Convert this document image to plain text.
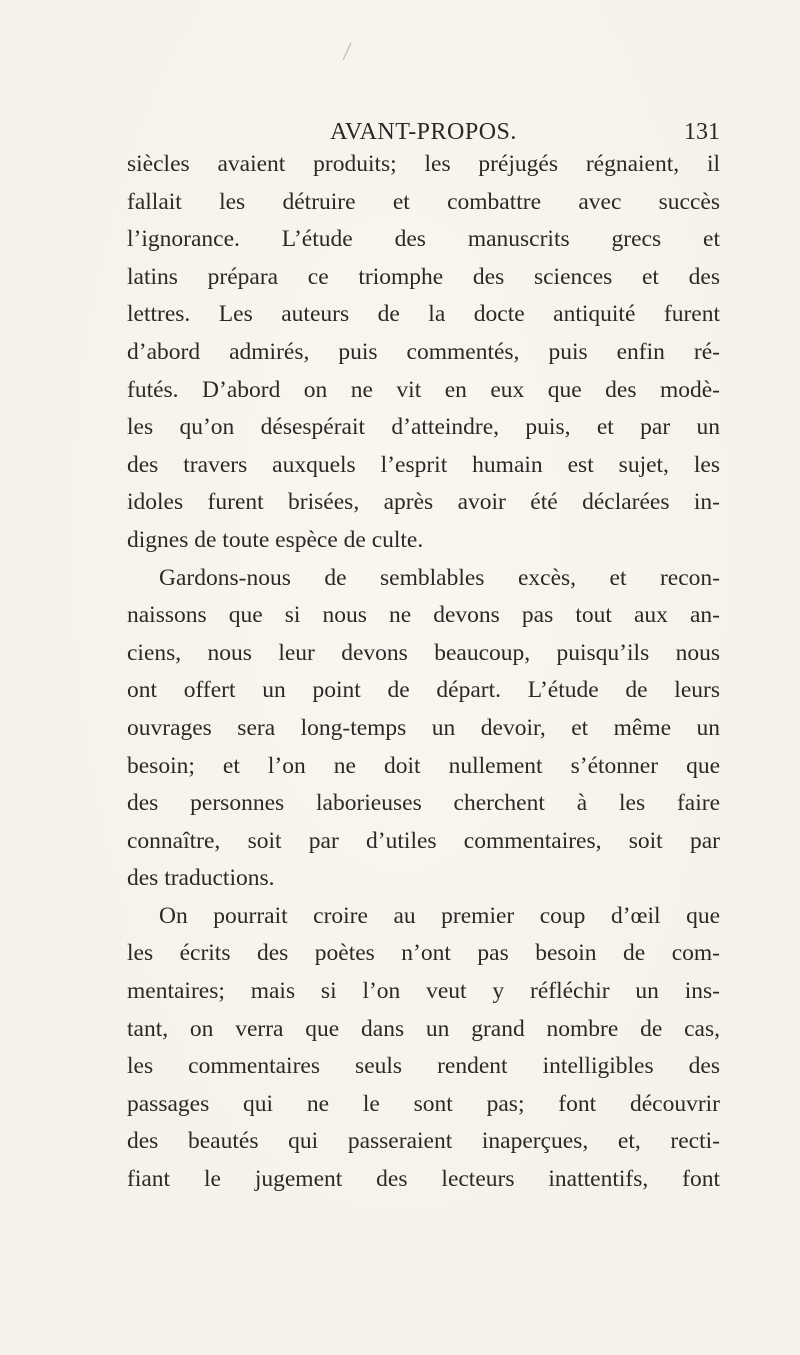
AVANT-PROPOS.	131
siècles avaient produits; les préjugés régnaient, il
fallait les détruire et combattre avec succès
l’ignorance. L’étude des manuscrits grecs et
latins prépara ce triomphe des sciences et des
lettres. Les auteurs de la docte antiquité furent
d’abord admirés, puis commentés, puis enfin ré-
futés. D’abord on ne vit en eux que des modè-
les qu’on désespérait d’atteindre, puis, et par un
des travers auxquels l’esprit humain est sujet, les
idoles furent brisées, après avoir été déclarées in-
dignes de toute espèce de culte.
Gardons-nous de semblables excès, et recon-
naissons que si nous ne devons pas tout aux an-
ciens, nous leur devons beaucoup, puisqu’ils nous
ont offert un point de départ. L’étude de leurs
ouvrages sera long-temps un devoir, et même un
besoin; et l’on ne doit nullement s’étonner que
des personnes laborieuses cherchent à les faire
connaître, soit par d’utiles commentaires, soit par
des traductions.
On pourrait croire au premier coup d’œil que
les écrits des poètes n’ont pas besoin de com-
mentaires; mais si l’on veut y réfléchir un ins-
tant, on verra que dans un grand nombre de cas,
les commentaires seuls rendent intelligibles des
passages qui ne le sont pas; font découvrir
des beautés qui passeraient inaperçues, et, recti-
fiant le jugement des lecteurs inattentifs, font
